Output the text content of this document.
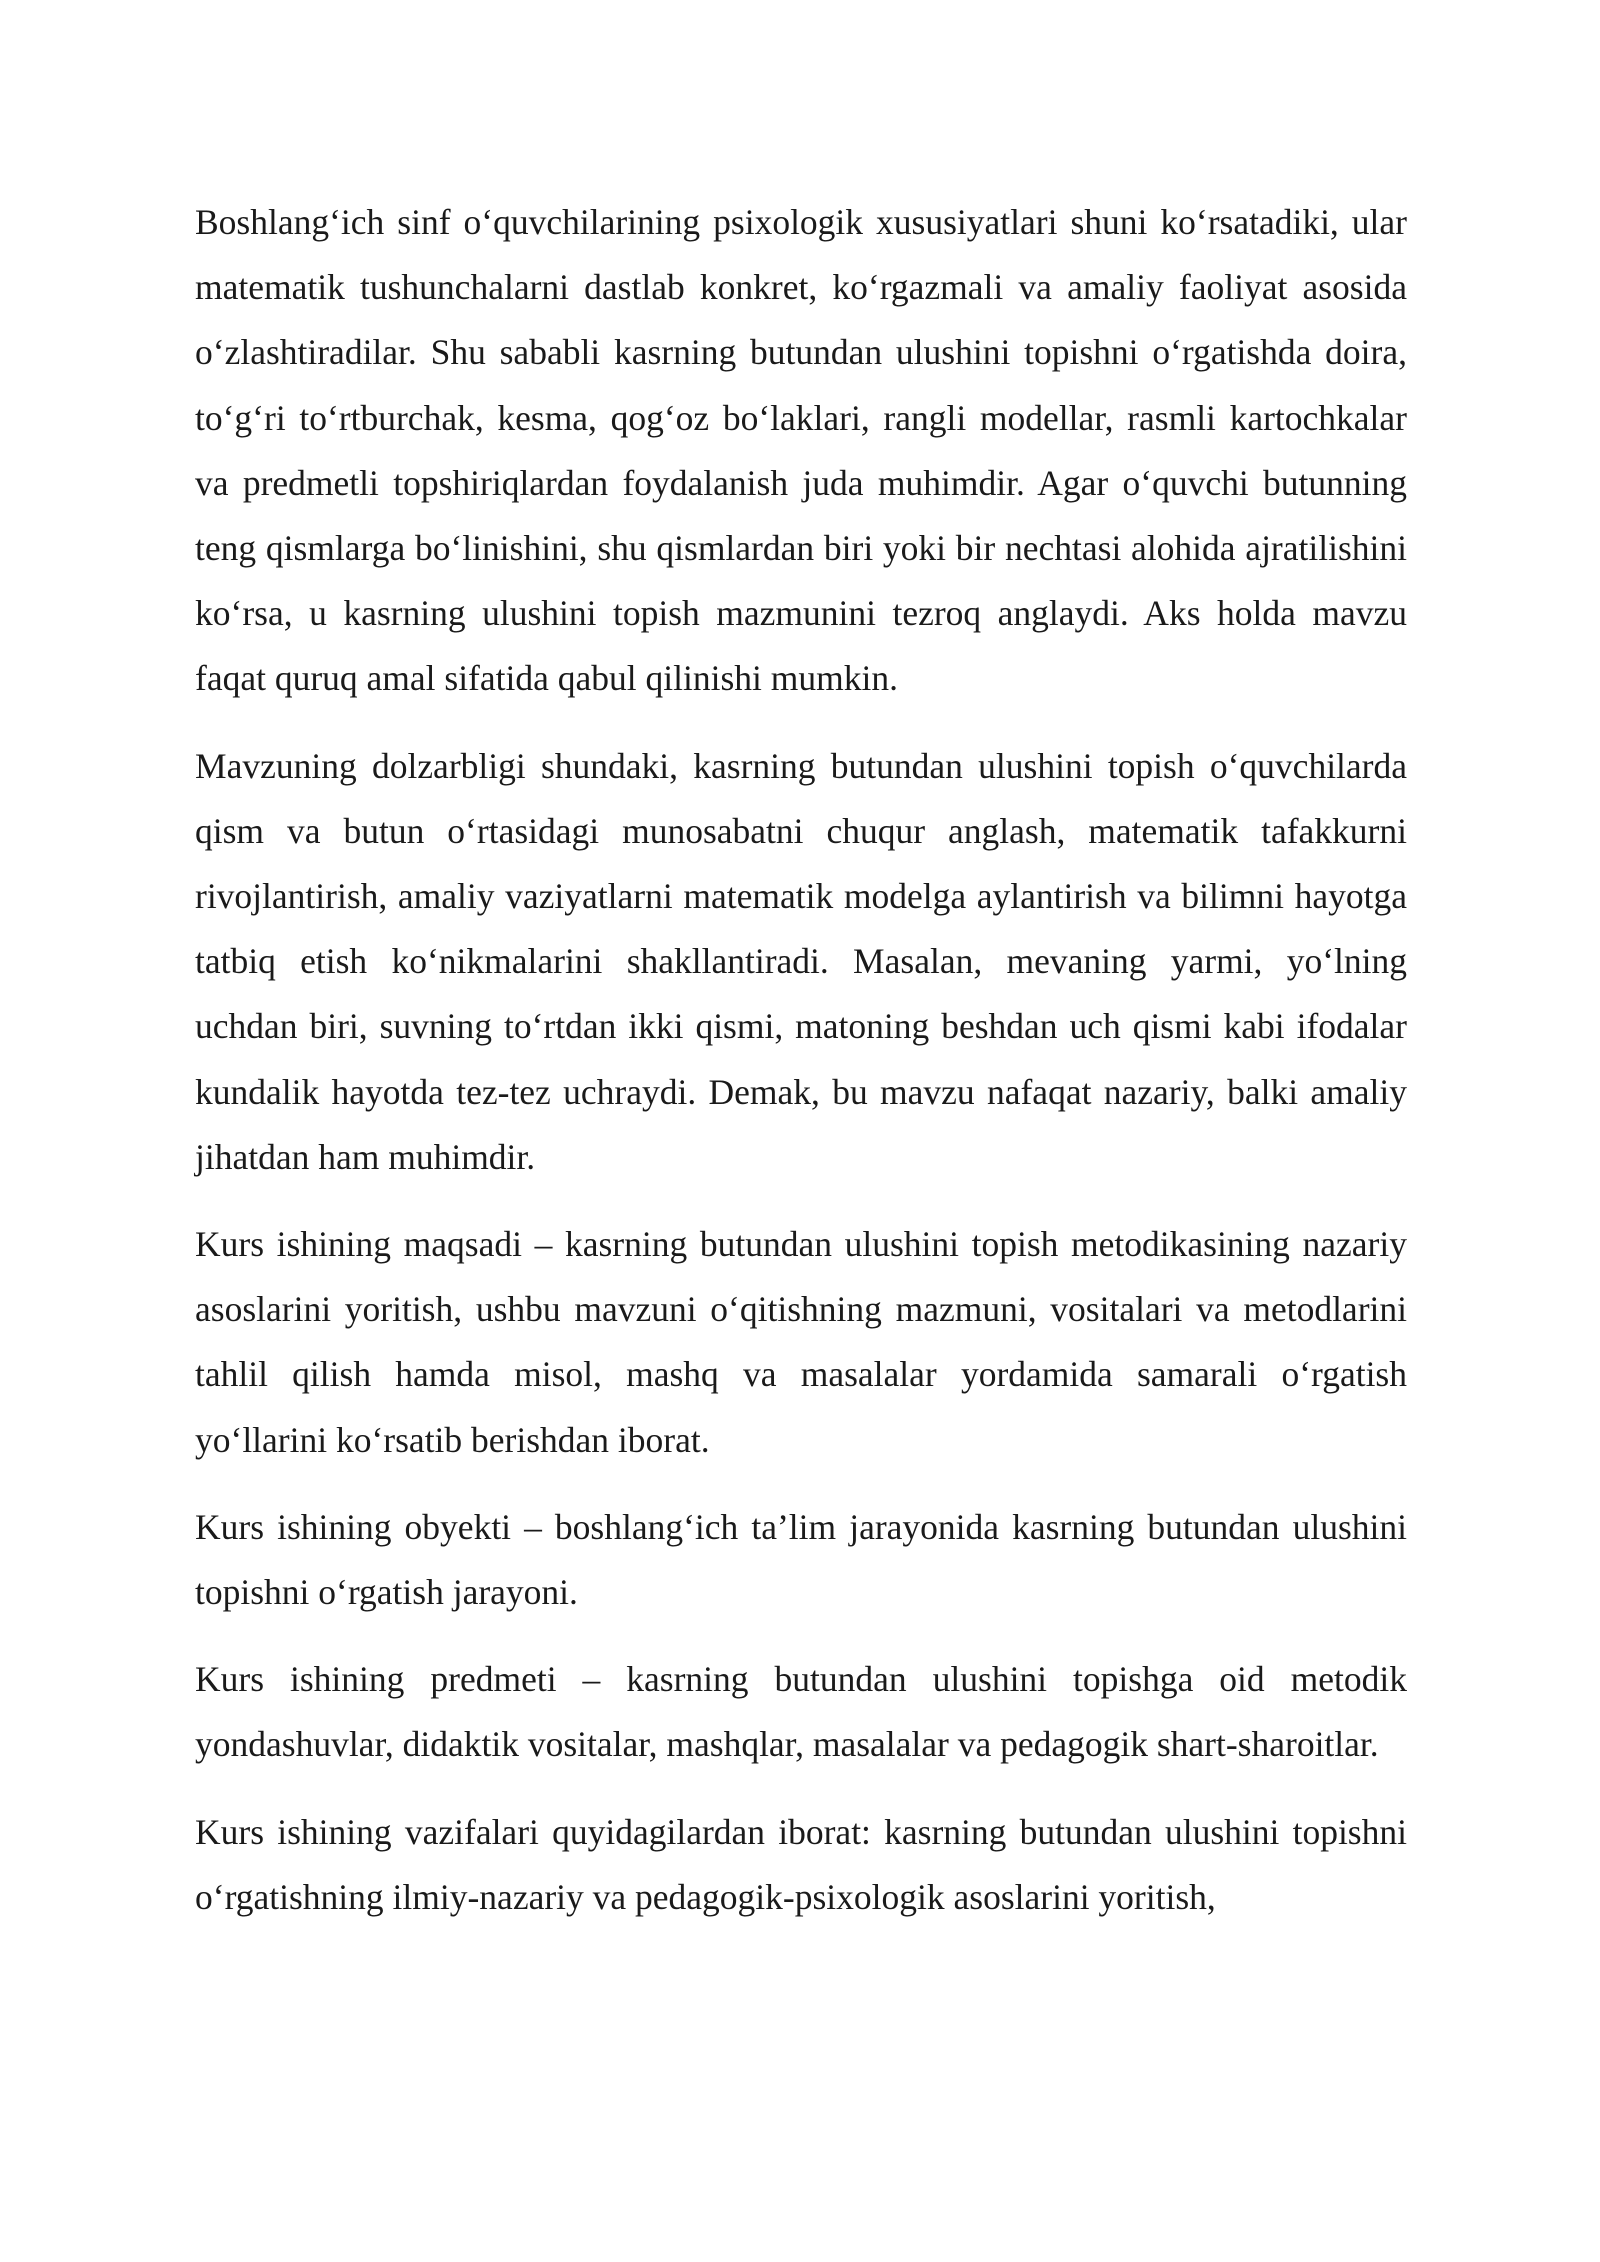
Boshlang‘ich sinf o‘quvchilarining psixologik xususiyatlari shuni ko‘rsatadiki, ular matematik tushunchalarni dastlab konkret, ko‘rgazmali va amaliy faoliyat asosida o‘zlashtiradilar. Shu sababli kasrning butundan ulushini topishni o‘rgatishda doira, to‘g‘ri to‘rtburchak, kesma, qog‘oz bo‘laklari, rangli modellar, rasmli kartochkalar va predmetli topshiriqlardan foydalanish juda muhimdir. Agar o‘quvchi butunning teng qismlarga bo‘linishini, shu qismlardan biri yoki bir nechtasi alohida ajratilishini ko‘rsa, u kasrning ulushini topish mazmunini tezroq anglaydi. Aks holda mavzu faqat quruq amal sifatida qabul qilinishi mumkin.

Mavzuning dolzarbligi shundaki, kasrning butundan ulushini topish o‘quvchilarda qism va butun o‘rtasidagi munosabatni chuqur anglash, matematik tafakkurni rivojlantirish, amaliy vaziyatlarni matematik modelga aylantirish va bilimni hayotga tatbiq etish ko‘nikmalarini shakllantiradi. Masalan, mevaning yarmi, yo‘lning uchdan biri, suvning to‘rtdan ikki qismi, matoning beshdan uch qismi kabi ifodalar kundalik hayotda tez-tez uchraydi. Demak, bu mavzu nafaqat nazariy, balki amaliy jihatdan ham muhimdir.

Kurs ishining maqsadi – kasrning butundan ulushini topish metodikasining nazariy asoslarini yoritish, ushbu mavzuni o‘qitishning mazmuni, vositalari va metodlarini tahlil qilish hamda misol, mashq va masalalar yordamida samarali o‘rgatish yo‘llarini ko‘rsatib berishdan iborat.

Kurs ishining obyekti – boshlang‘ich ta’lim jarayonida kasrning butundan ulushini topishni o‘rgatish jarayoni.

Kurs ishining predmeti – kasrning butundan ulushini topishga oid metodik yondashuvlar, didaktik vositalar, mashqlar, masalalar va pedagogik shart-sharoitlar.

Kurs ishining vazifalari quyidagilardan iborat: kasrning butundan ulushini topishni o‘rgatishning ilmiy-nazariy va pedagogik-psixologik asoslarini yoritish,
